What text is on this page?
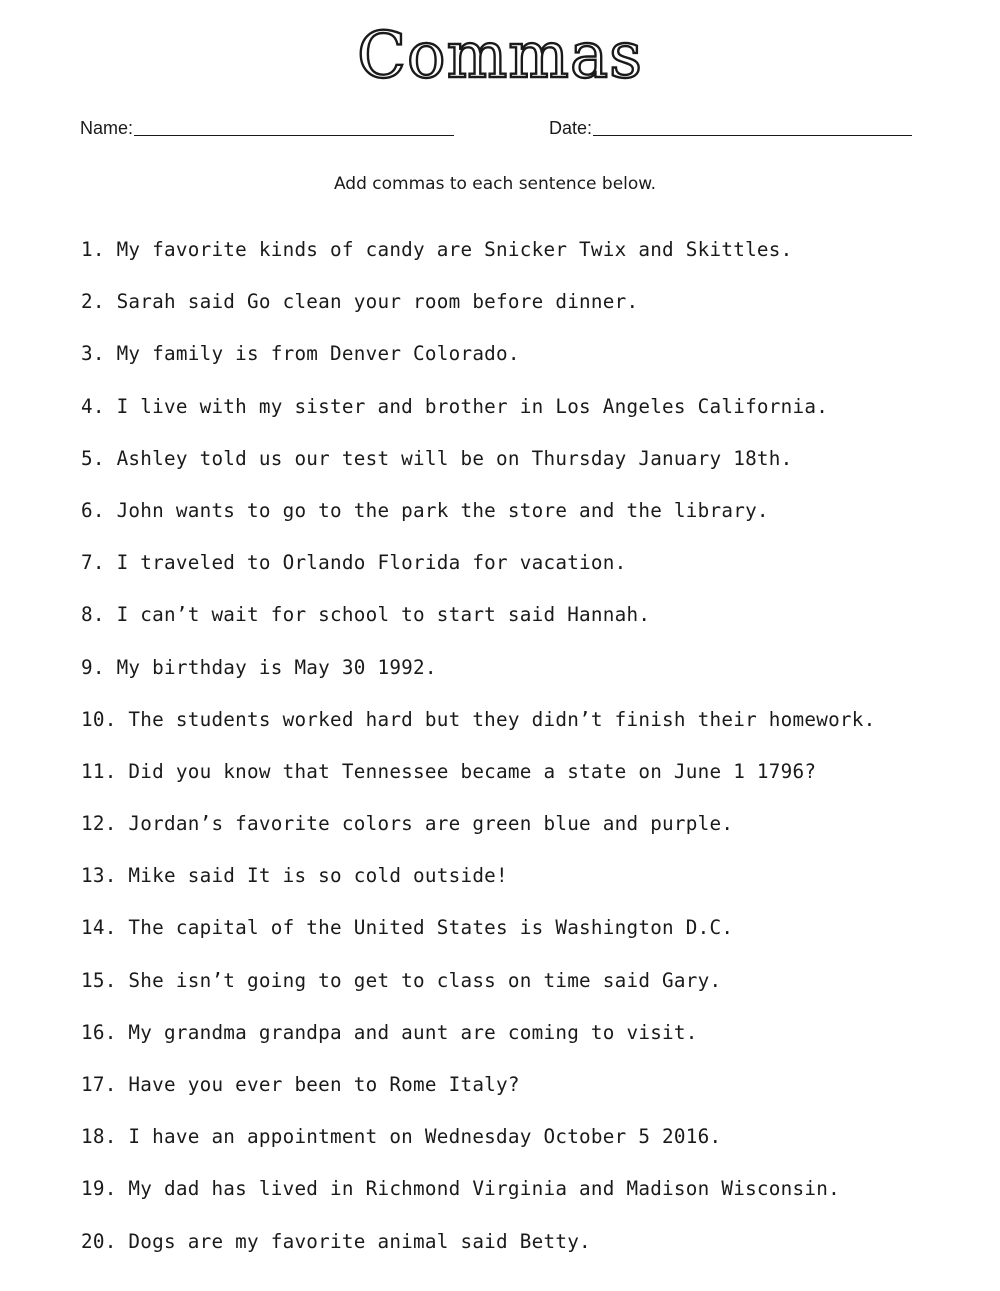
Commas
Name:	Date:
Add commas to each sentence below.
1. My favorite kinds of candy are Snicker Twix and Skittles.
2. Sarah said Go clean your room before dinner.
3. My family is from Denver Colorado.
4. I live with my sister and brother in Los Angeles California.
5. Ashley told us our test will be on Thursday January 18th.
6. John wants to go to the park the store and the library.
7. I traveled to Orlando Florida for vacation.
8. I can’t wait for school to start said Hannah.
9. My birthday is May 30 1992.
10. The students worked hard but they didn’t finish their homework.
11. Did you know that Tennessee became a state on June 1 1796?
12. Jordan’s favorite colors are green blue and purple.
13. Mike said It is so cold outside!
14. The capital of the United States is Washington D.C.
15. She isn’t going to get to class on time said Gary.
16. My grandma grandpa and aunt are coming to visit.
17. Have you ever been to Rome Italy?
18. I have an appointment on Wednesday October 5 2016.
19. My dad has lived in Richmond Virginia and Madison Wisconsin.
20. Dogs are my favorite animal said Betty.
